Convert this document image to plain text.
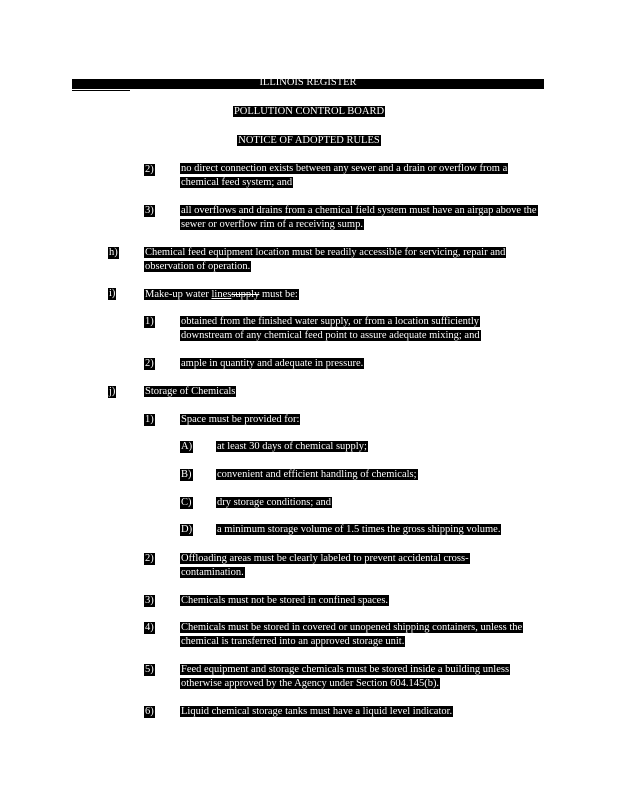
ILLINOIS REGISTER
POLLUTION CONTROL BOARD
NOTICE OF ADOPTED RULES
2)	no direct connection exists between any sewer and a drain or overflow from a chemical feed system; and
3)	all overflows and drains from a chemical field system must have an airgap above the sewer or overflow rim of a receiving sump.
h)	Chemical feed equipment location must be readily accessible for servicing, repair and observation of operation.
i)	Make-up water linessupply must be:
1)	obtained from the finished water supply, or from a location sufficiently downstream of any chemical feed point to assure adequate mixing; and
2)	ample in quantity and adequate in pressure.
j)	Storage of Chemicals
1)	Space must be provided for:
A) at least 30 days of chemical supply;
B) convenient and efficient handling of chemicals;
C) dry storage conditions; and
D) a minimum storage volume of 1.5 times the gross shipping volume.
2)	Offloading areas must be clearly labeled to prevent accidental cross-contamination.
3)	Chemicals must not be stored in confined spaces.
4)	Chemicals must be stored in covered or unopened shipping containers, unless the chemical is transferred into an approved storage unit.
5)	Feed equipment and storage chemicals must be stored inside a building unless otherwise approved by the Agency under Section 604.145(b).
6)	Liquid chemical storage tanks must have a liquid level indicator.
